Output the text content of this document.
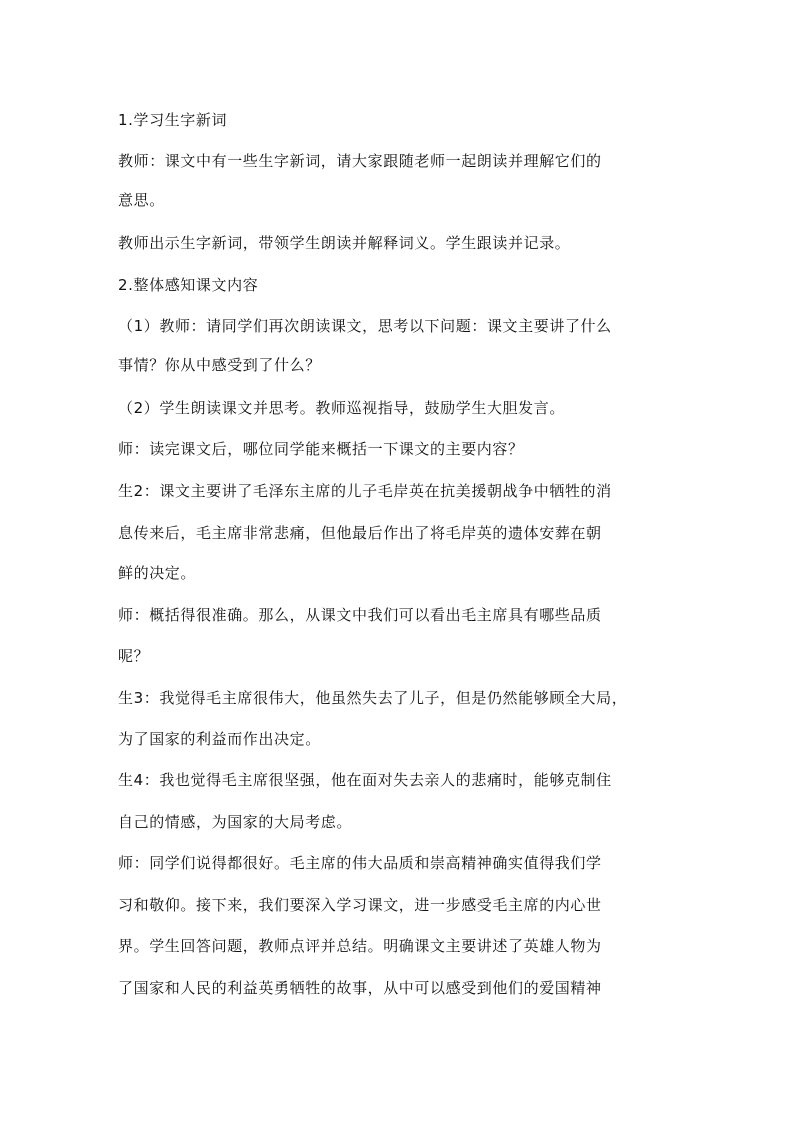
1.学习生字新词
教师：课文中有一些生字新词，请大家跟随老师一起朗读并理解它们的
意思。
教师出示生字新词，带领学生朗读并解释词义。学生跟读并记录。
2.整体感知课文内容
（1）教师：请同学们再次朗读课文，思考以下问题：课文主要讲了什么
事情？你从中感受到了什么？
（2）学生朗读课文并思考。教师巡视指导，鼓励学生大胆发言。
师：读完课文后，哪位同学能来概括一下课文的主要内容？
生2：课文主要讲了毛泽东主席的儿子毛岸英在抗美援朝战争中牺牲的消
息传来后，毛主席非常悲痛，但他最后作出了将毛岸英的遗体安葬在朝
鲜的决定。
师：概括得很准确。那么，从课文中我们可以看出毛主席具有哪些品质
呢？
生3：我觉得毛主席很伟大，他虽然失去了儿子，但是仍然能够顾全大局，
为了国家的利益而作出决定。
生4：我也觉得毛主席很坚强，他在面对失去亲人的悲痛时，能够克制住
自己的情感，为国家的大局考虑。
师：同学们说得都很好。毛主席的伟大品质和崇高精神确实值得我们学
习和敬仰。接下来，我们要深入学习课文，进一步感受毛主席的内心世
界。学生回答问题，教师点评并总结。明确课文主要讲述了英雄人物为
了国家和人民的利益英勇牺牲的故事，从中可以感受到他们的爱国精神
